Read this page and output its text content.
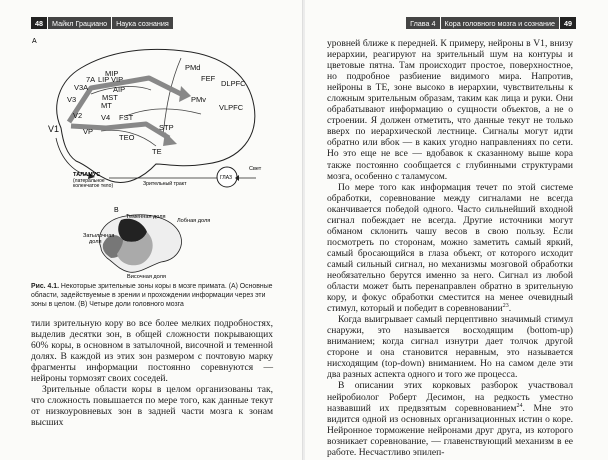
48	Майкл Грациано	Наука сознания
A
MIP
PMd
7A LIP VIP	FEF
DLPFC
V3A	AIP
V3	MST	PMv
MT	VLPFC
V1
V2	V4 FST
STP
VP
TEO
TE
ТАЛАМУС
(латеральное
коленчатое тело)	Зрительный тракт
ГЛАЗ
Свет
B
Теменная доля
Лобная доля
Затылочная
доля
Височная доля
Рис. 4.1. Некоторые зрительные зоны коры в мозге примата. (A) Основные области, задействуемые в зрении и прохождении информации через эти зоны в целом. (B) Четыре доли головного мозга

тили зрительную кору во все более мелких подробностях, выделив десятки зон, в общей сложности покрывающих 60% коры, в основном в затылочной, височной и теменной долях. В каждой из этих зон размером с почтовую марку фрагменты информации постоянно соревнуются — нейроны тормозят своих соседей.

Зрительные области коры в целом организованы так, что сложность повышается по мере того, как данные текут от низкоуровневых зон в задней части мозга к зонам высших

Глава 4	Кора головного мозга и сознание	49

уровней ближе к передней. К примеру, нейроны в V1, внизу иерархии, реагируют на зрительный шум на контуры и цветовые пятна. Там происходит простое, поверхностное, но подробное разбиение видимого мира. Напротив, нейроны в TE, зоне высоко в иерархии, чувствительны к сложным зрительным образам, таким как лица и руки. Они обрабатывают информацию о сущности объектов, а не о строении. Я должен отметить, что данные текут не только вверх по иерархической лестнице. Сигналы могут идти обратно или вбок — в каких угодно направлениях по сети. Но это еще не все — вдобавок к сказанному выше кора также постоянно сообщается с глубинными структурами мозга, особенно с таламусом.

По мере того как информация течет по этой системе обработки, соревнование между сигналами не всегда оканчивается победой одного. Часто сильнейший входной сигнал побеждает не всегда. Другие источники могут обманом склонить чашу весов в свою пользу. Если посмотреть по сторонам, можно заметить самый яркий, самый бросающийся в глаза объект, от которого исходит самый сильный сигнал, но механизмы мозговой обработки необязательно берутся именно за него. Сигнал из любой области может быть перенаправлен обратно в зрительную кору, и фокус обработки сместится на менее очевидный стимул, который и победит в соревновании$^{23}$.

Когда выигрывает самый перцептивно значимый стимул снаружи, это называется восходящим (bottom-up) вниманием; когда сигнал изнутри дает толчок другой стороне и она становится неравным, это называется нисходящим (top-down) вниманием. Но на самом деле эти два разных аспекта одного и того же процесса.

В описании этих корковых разборок участвовал нейробиолог Роберт Десимон, на редкость уместно назвавший их предвзятым соревнованием$^{24}$. Мне это видится одной из основных организационных истин о коре. Нейронное торможение нейронами друг друга, из которого возникает соревнование, — главенствующий механизм в ее работе. Несчастливо эпилеп-
